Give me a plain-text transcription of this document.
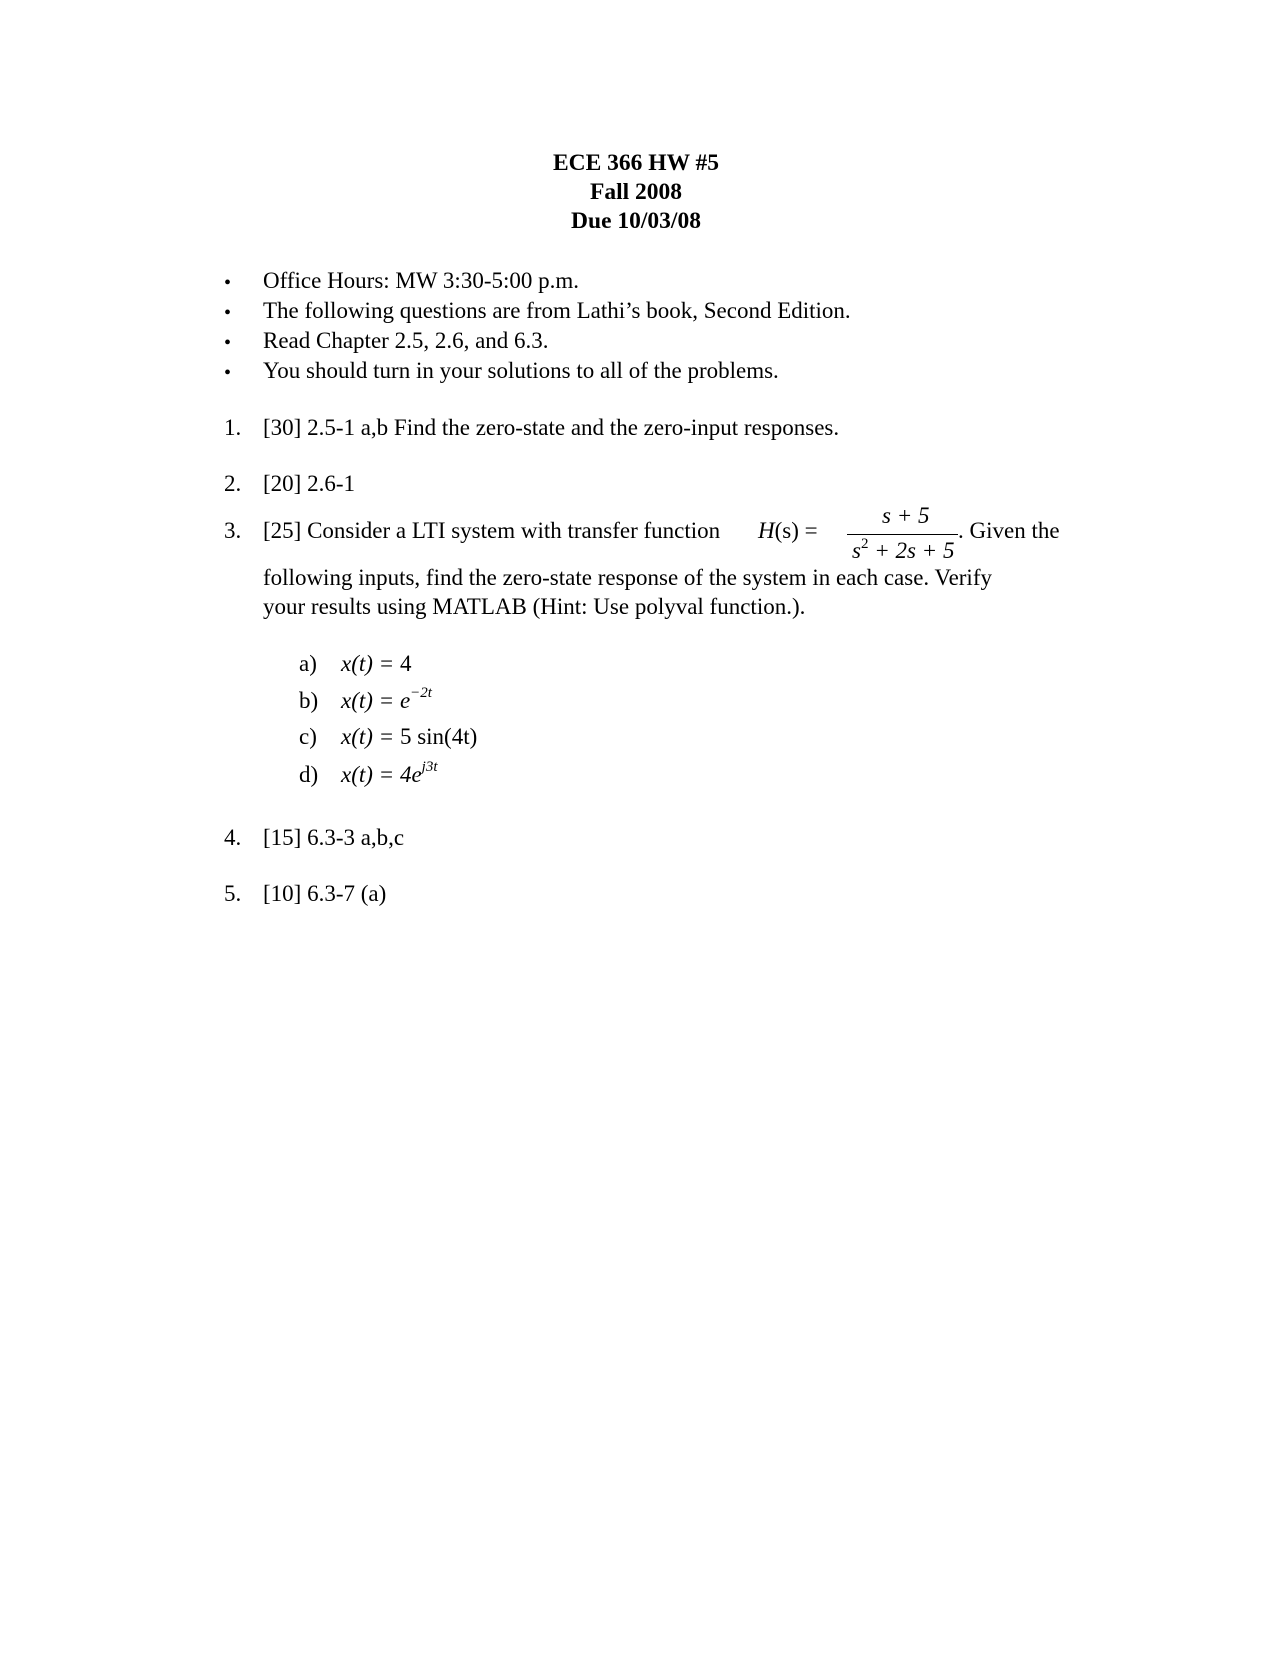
ECE 366 HW #5
Fall 2008
Due 10/03/08
• Office Hours: MW 3:30-5:00 p.m.
• The following questions are from Lathi’s book, Second Edition.
• Read Chapter 2.5, 2.6, and 6.3.
• You should turn in your solutions to all of the problems.
1. [30] 2.5-1 a,b Find the zero-state and the zero-input responses.
2. [20] 2.6-1
3. [25] Consider a LTI system with transfer function H(s) =
s + 5
$s^2 + 2s + 5$
. Given the
following inputs, find the zero-state response of the system in each case. Verify
your results using MATLAB (Hint: Use polyval function.).
a) x(t) = 4
b) $x(t) = e^{-2t}$
c) x(t) = 5 sin(4t)
d) $x(t) = 4e^{j3t}$
4. [15] 6.3-3 a,b,c
5. [10] 6.3-7 (a)
